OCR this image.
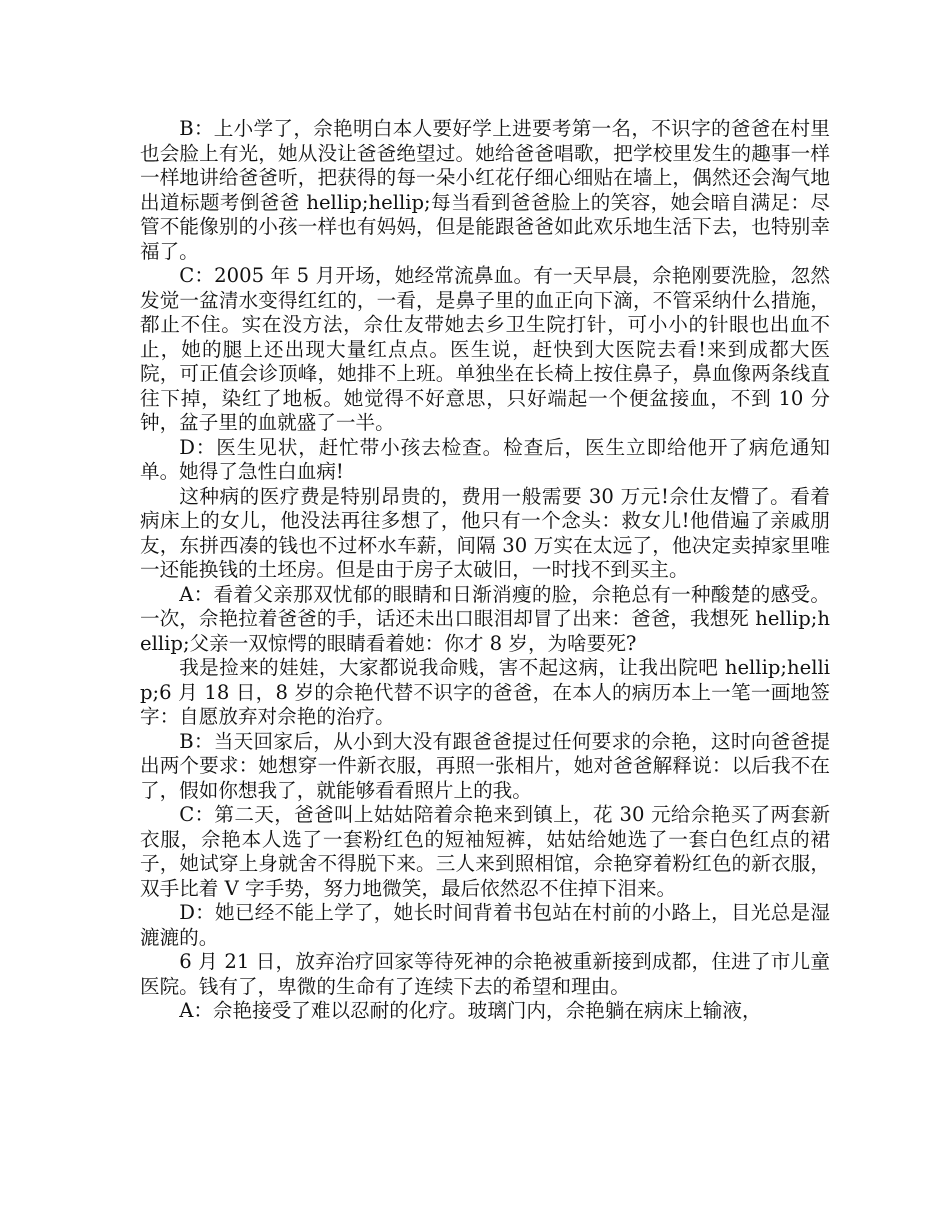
B：上小学了，佘艳明白本人要好学上进要考第一名，不识字的爸爸在村里也会脸上有光，她从没让爸爸绝望过。她给爸爸唱歌，把学校里发生的趣事一样一样地讲给爸爸听，把获得的每一朵小红花仔细心细贴在墙上，偶然还会淘气地出道标题考倒爸爸 hellip;hellip;每当看到爸爸脸上的笑容，她会暗自满足：尽管不能像别的小孩一样也有妈妈，但是能跟爸爸如此欢乐地生活下去，也特别幸福了。

C：2005 年 5 月开场，她经常流鼻血。有一天早晨，佘艳刚要洗脸，忽然发觉一盆清水变得红红的，一看，是鼻子里的血正向下滴，不管采纳什么措施，都止不住。实在没方法，佘仕友带她去乡卫生院打针，可小小的针眼也出血不止，她的腿上还出现大量红点点。医生说，赶快到大医院去看!来到成都大医院，可正值会诊顶峰，她排不上班。单独坐在长椅上按住鼻子，鼻血像两条线直往下掉，染红了地板。她觉得不好意思，只好端起一个便盆接血，不到 10 分钟，盆子里的血就盛了一半。

D：医生见状，赶忙带小孩去检查。检查后，医生立即给他开了病危通知单。她得了急性白血病!

这种病的医疗费是特别昂贵的，费用一般需要 30 万元!佘仕友懵了。看着病床上的女儿，他没法再往多想了，他只有一个念头：救女儿!他借遍了亲戚朋友，东拼西凑的钱也不过杯水车薪，间隔 30 万实在太远了，他决定卖掉家里唯一还能换钱的土坯房。但是由于房子太破旧，一时找不到买主。

A：看着父亲那双忧郁的眼睛和日渐消瘦的脸，佘艳总有一种酸楚的感受。一次，佘艳拉着爸爸的手，话还未出口眼泪却冒了出来：爸爸，我想死 hellip;hellip;父亲一双惊愕的眼睛看着她：你才 8 岁，为啥要死?

我是捡来的娃娃，大家都说我命贱，害不起这病，让我出院吧 hellip;hellip;6 月 18 日，8 岁的佘艳代替不识字的爸爸，在本人的病历本上一笔一画地签字：自愿放弃对佘艳的治疗。

B：当天回家后，从小到大没有跟爸爸提过任何要求的佘艳，这时向爸爸提出两个要求：她想穿一件新衣服，再照一张相片，她对爸爸解释说：以后我不在了，假如你想我了，就能够看看照片上的我。

C：第二天，爸爸叫上姑姑陪着佘艳来到镇上，花 30 元给佘艳买了两套新衣服，佘艳本人选了一套粉红色的短袖短裤，姑姑给她选了一套白色红点的裙子，她试穿上身就舍不得脱下来。三人来到照相馆，佘艳穿着粉红色的新衣服，双手比着 V 字手势，努力地微笑，最后依然忍不住掉下泪来。

D：她已经不能上学了，她长时间背着书包站在村前的小路上，目光总是湿漉漉的。

6 月 21 日，放弃治疗回家等待死神的佘艳被重新接到成都，住进了市儿童医院。钱有了，卑微的生命有了连续下去的希望和理由。

A：佘艳接受了难以忍耐的化疗。玻璃门内，佘艳躺在病床上输液，
